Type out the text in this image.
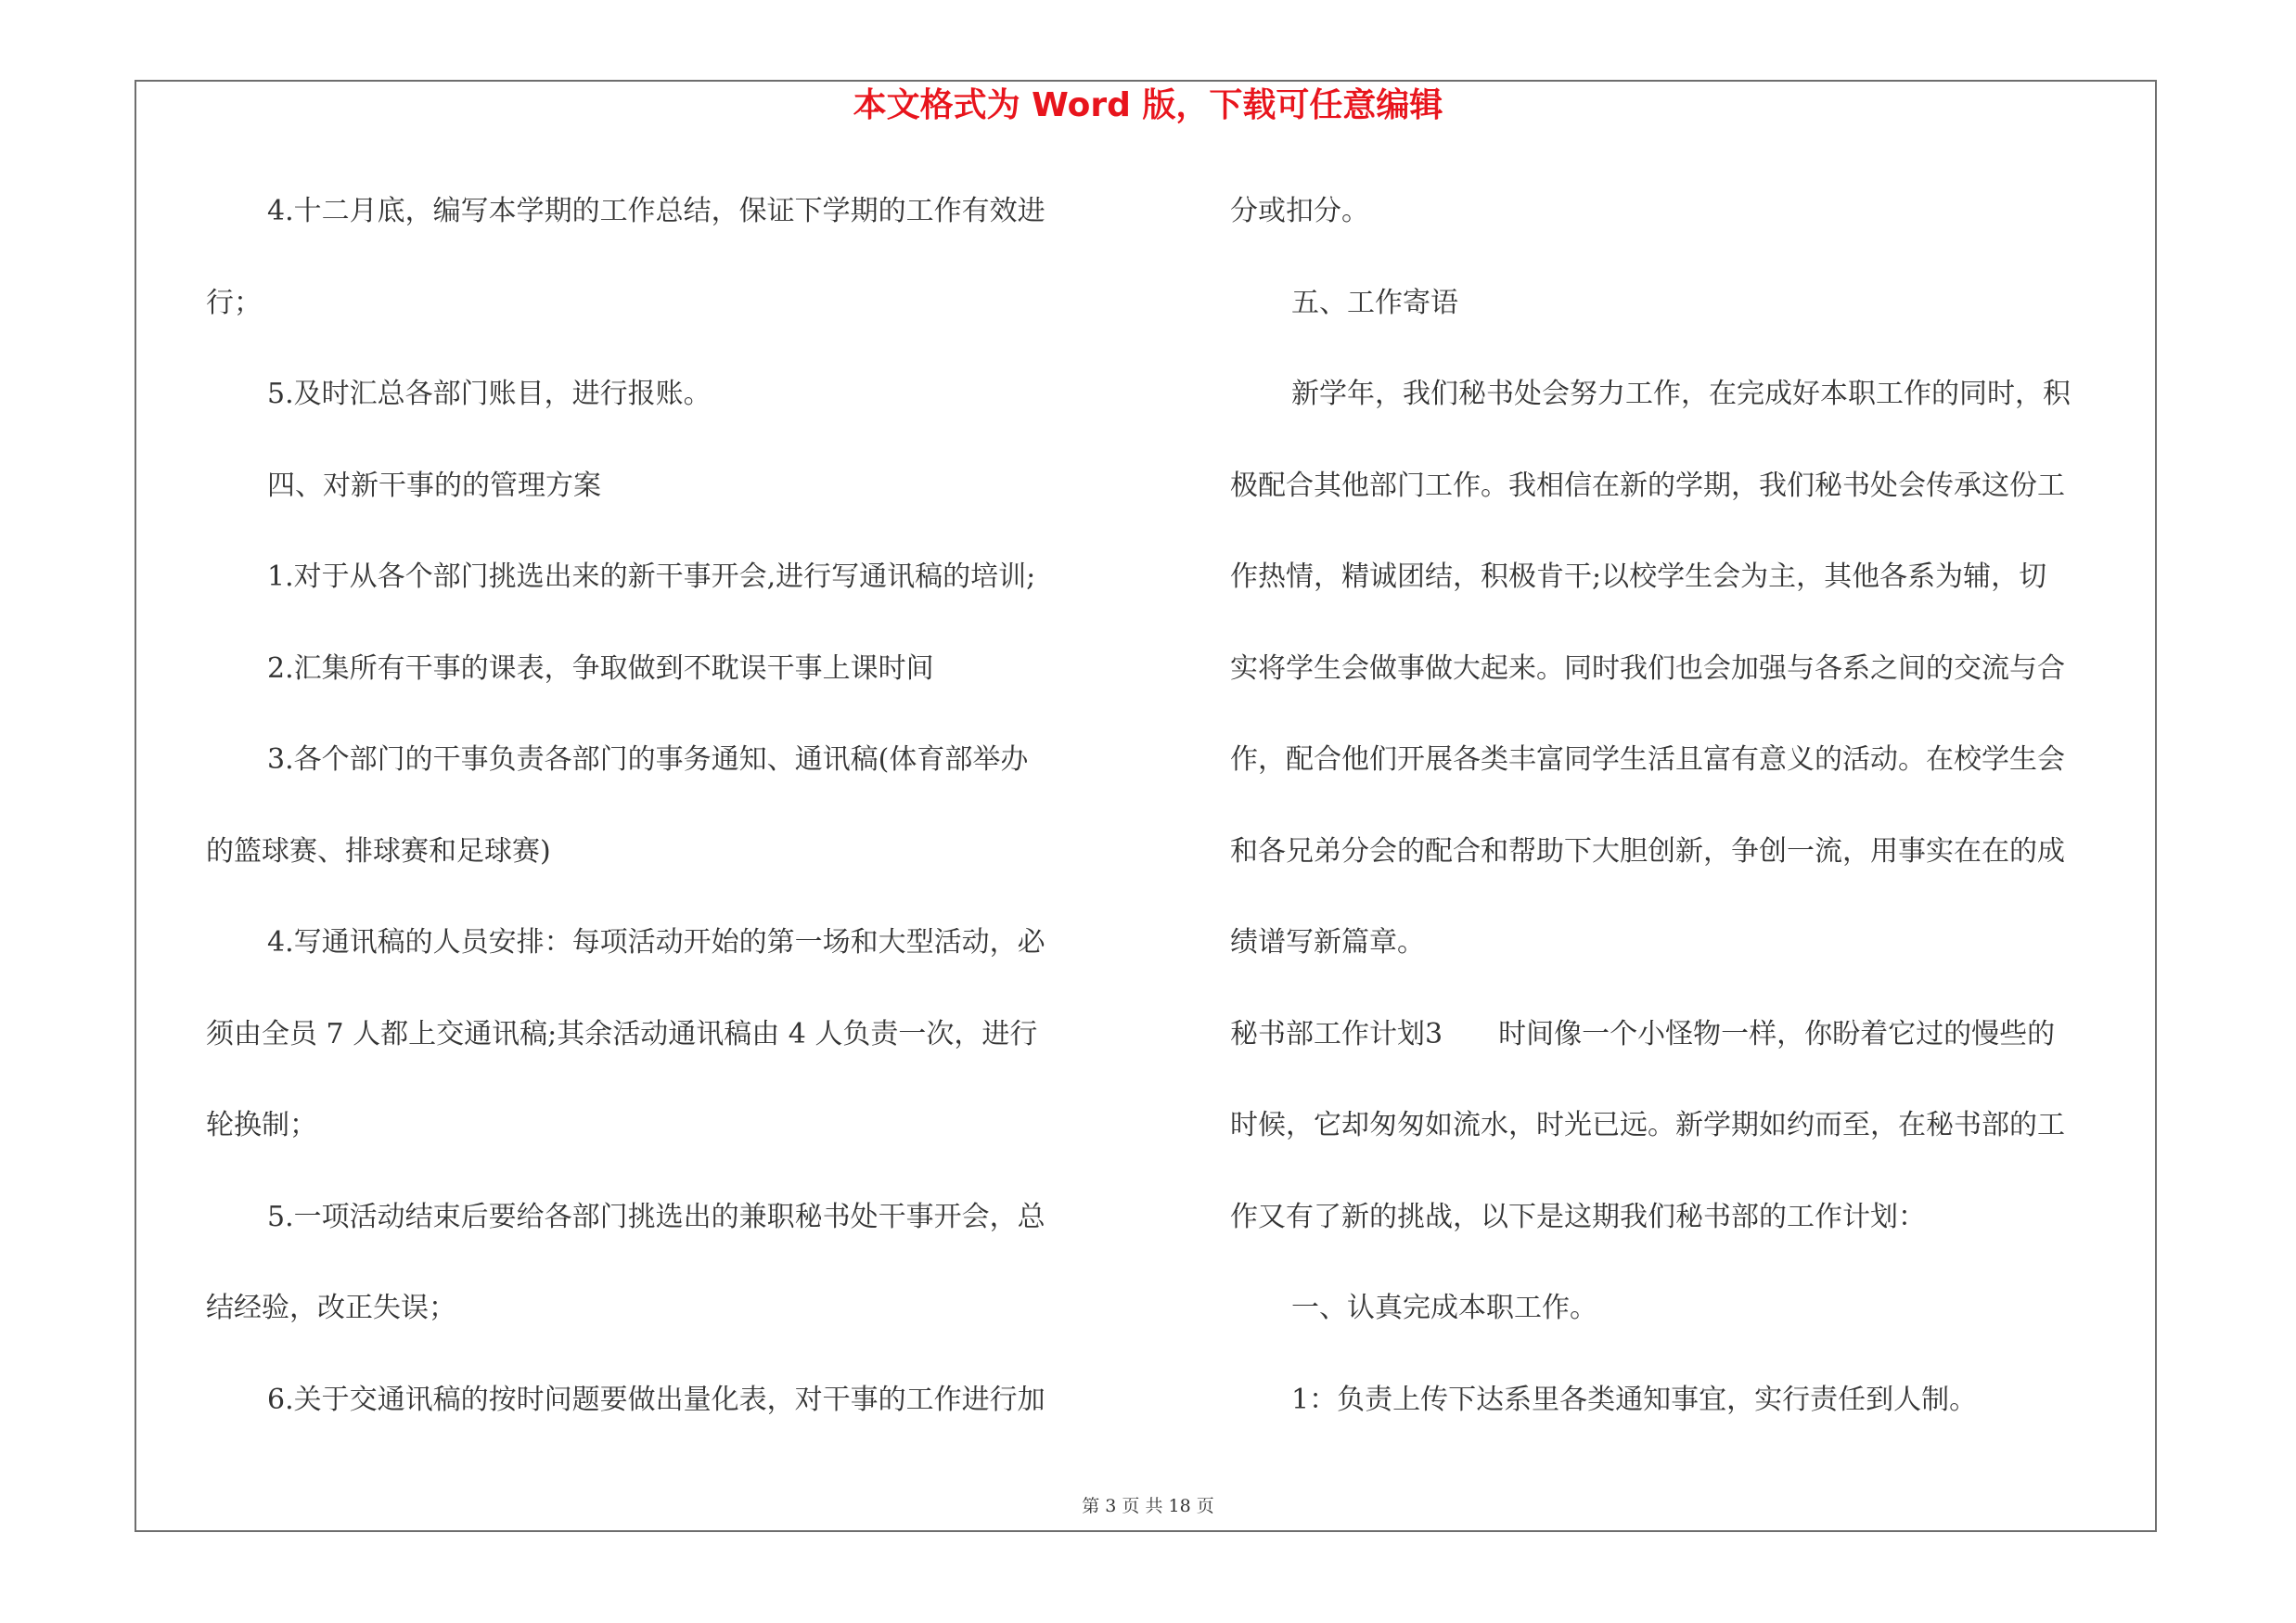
本文格式为 Word 版，下载可任意编辑
4.十二月底，编写本学期的工作总结，保证下学期的工作有效进
行；
5.及时汇总各部门账目，进行报账。
四、对新干事的的管理方案
1.对于从各个部门挑选出来的新干事开会,进行写通讯稿的培训;
2.汇集所有干事的课表，争取做到不耽误干事上课时间
3.各个部门的干事负责各部门的事务通知、通讯稿(体育部举办
的篮球赛、排球赛和足球赛)
4.写通讯稿的人员安排：每项活动开始的第一场和大型活动，必
须由全员 7 人都上交通讯稿;其余活动通讯稿由 4 人负责一次，进行
轮换制；
5.一项活动结束后要给各部门挑选出的兼职秘书处干事开会，总
结经验，改正失误；
6.关于交通讯稿的按时问题要做出量化表，对干事的工作进行加
分或扣分。
五、工作寄语
新学年，我们秘书处会努力工作，在完成好本职工作的同时，积
极配合其他部门工作。我相信在新的学期，我们秘书处会传承这份工
作热情，精诚团结，积极肯干;以校学生会为主，其他各系为辅，切
实将学生会做事做大起来。同时我们也会加强与各系之间的交流与合
作，配合他们开展各类丰富同学生活且富有意义的活动。在校学生会
和各兄弟分会的配合和帮助下大胆创新，争创一流，用事实在在的成
绩谱写新篇章。
秘书部工作计划3　　时间像一个小怪物一样，你盼着它过的慢些的
时候，它却匆匆如流水，时光已远。新学期如约而至，在秘书部的工
作又有了新的挑战，以下是这期我们秘书部的工作计划：
一、认真完成本职工作。
1：负责上传下达系里各类通知事宜，实行责任到人制。
第 3 页 共 18 页
